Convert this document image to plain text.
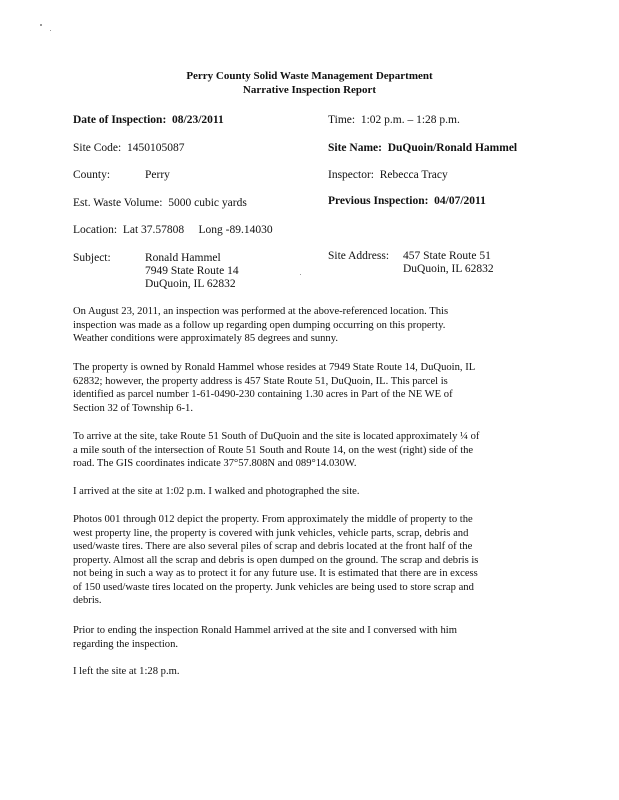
Perry County Solid Waste Management Department
Narrative Inspection Report
Date of Inspection: 08/23/2011	Time: 1:02 p.m. – 1:28 p.m.
Site Code: 1450105087	Site Name: DuQuoin/Ronald Hammel
County:	Perry	Inspector: Rebecca Tracy
Est. Waste Volume: 5000 cubic yards	Previous Inspection: 04/07/2011
Location: Lat 37.57808 Long -89.14030
Subject:	Ronald Hammel
7949 State Route 14
DuQuoin, IL 62832
Site Address: 457 State Route 51
DuQuoin, IL 62832

On August 23, 2011, an inspection was performed at the above-referenced location. This
inspection was made as a follow up regarding open dumping occurring on this property.
Weather conditions were approximately 85 degrees and sunny.

The property is owned by Ronald Hammel whose resides at 7949 State Route 14, DuQuoin, IL
62832; however, the property address is 457 State Route 51, DuQuoin, IL. This parcel is
identified as parcel number 1-61-0490-230 containing 1.30 acres in Part of the NE WE of
Section 32 of Township 6-1.

To arrive at the site, take Route 51 South of DuQuoin and the site is located approximately ¼ of
a mile south of the intersection of Route 51 South and Route 14, on the west (right) side of the
road. The GIS coordinates indicate 37°57.808N and 089°14.030W.

I arrived at the site at 1:02 p.m. I walked and photographed the site.

Photos 001 through 012 depict the property. From approximately the middle of property to the
west property line, the property is covered with junk vehicles, vehicle parts, scrap, debris and
used/waste tires. There are also several piles of scrap and debris located at the front half of the
property. Almost all the scrap and debris is open dumped on the ground. The scrap and debris is
not being in such a way as to protect it for any future use. It is estimated that there are in excess
of 150 used/waste tires located on the property. Junk vehicles are being used to store scrap and
debris.

Prior to ending the inspection Ronald Hammel arrived at the site and I conversed with him
regarding the inspection.

I left the site at 1:28 p.m.
